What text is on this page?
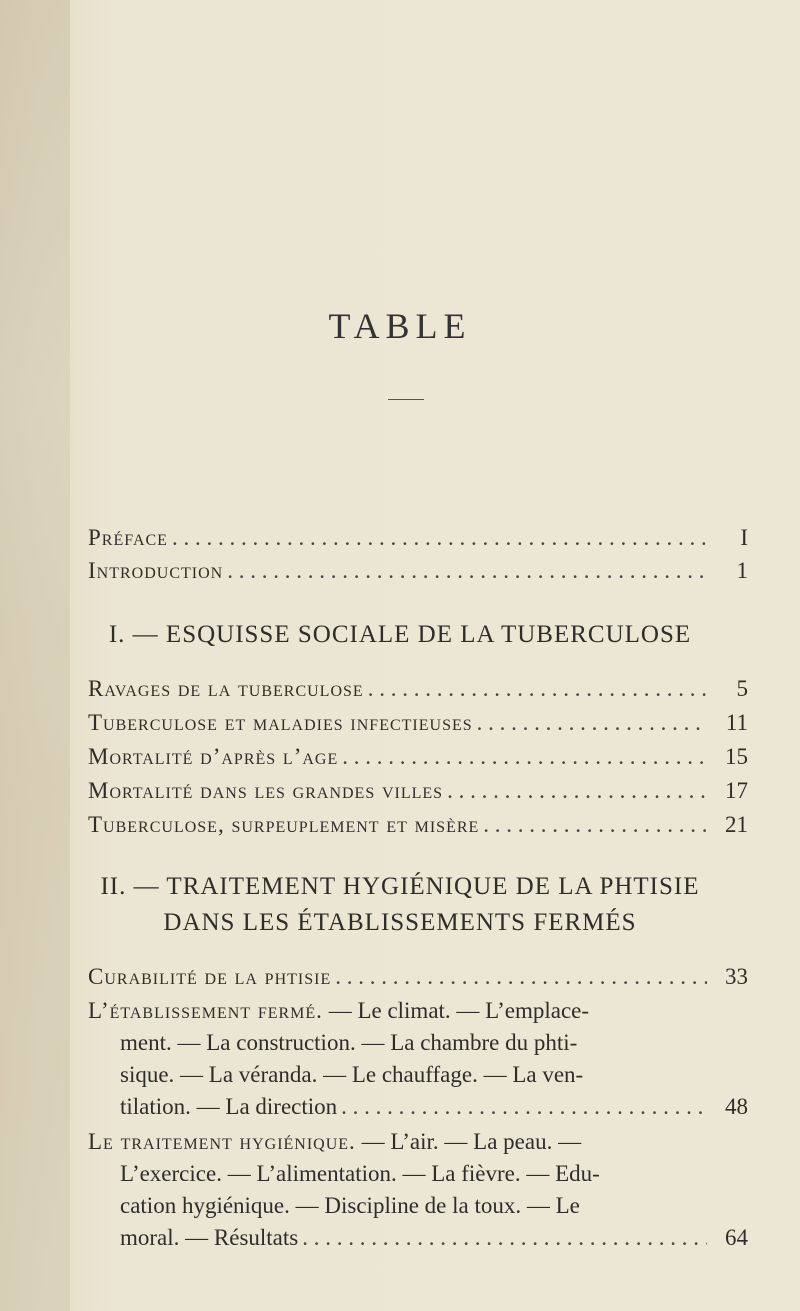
TABLE
Préface . . .	I
Introduction . . .	1
I. — ESQUISSE SOCIALE DE LA TUBERCULOSE
Ravages de la tuberculose . . .	5
Tuberculose et maladies infectieuses . . .	11
Mortalité d’après l’age . . .	15
Mortalité dans les grandes villes . . .	17
Tuberculose, surpeuplement et misère . . .	21
II. — TRAITEMENT HYGIÉNIQUE DE LA PHTISIE
DANS LES ÉTABLISSEMENTS FERMÉS
Curabilité de la phtisie . . .	33
L’établissement fermé. — Le climat. — L’emplace-
ment. — La construction. — La chambre du phti-
sique. — La véranda. — Le chauffage. — La ven-
tilation. — La direction . . .	48
Le traitement hygiénique. — L’air. — La peau. —
L’exercice. — L’alimentation. — La fièvre. — Edu-
cation hygiénique. — Discipline de la toux. — Le
moral. — Résultats . . .	64
